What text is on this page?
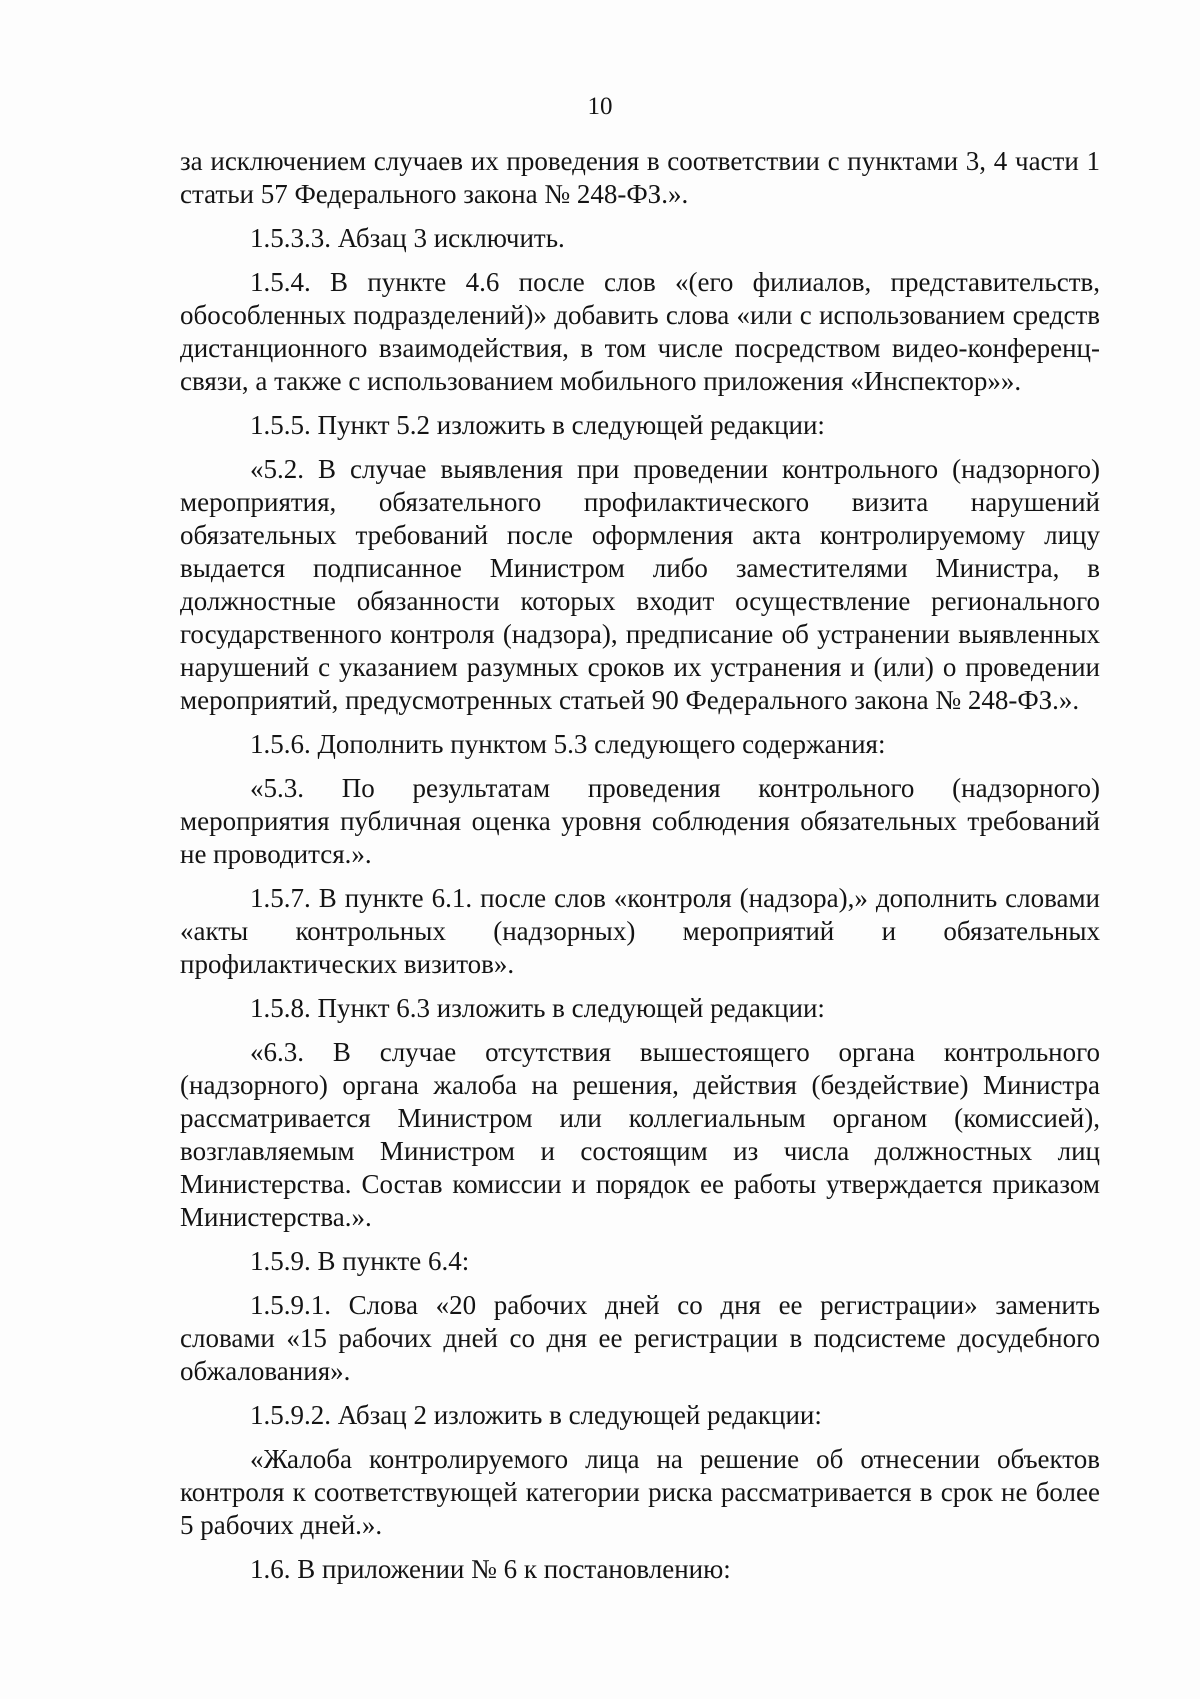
10

за исключением случаев их проведения в соответствии с пунктами 3, 4 части 1 статьи 57 Федерального закона № 248-ФЗ.».

1.5.3.3. Абзац 3 исключить.

1.5.4. В пункте 4.6 после слов «(его филиалов, представительств, обособленных подразделений)» добавить слова «или с использованием средств дистанционного взаимодействия, в том числе посредством видео-конференц-связи, а также с использованием мобильного приложения «Инспектор»».

1.5.5. Пункт 5.2 изложить в следующей редакции:

«5.2. В случае выявления при проведении контрольного (надзорного) мероприятия, обязательного профилактического визита нарушений обязательных требований после оформления акта контролируемому лицу выдается подписанное Министром либо заместителями Министра, в должностные обязанности которых входит осуществление регионального государственного контроля (надзора), предписание об устранении выявленных нарушений с указанием разумных сроков их устранения и (или) о проведении мероприятий, предусмотренных статьей 90 Федерального закона № 248-ФЗ.».

1.5.6. Дополнить пунктом 5.3 следующего содержания:

«5.3. По результатам проведения контрольного (надзорного) мероприятия публичная оценка уровня соблюдения обязательных требований не проводится.».

1.5.7. В пункте 6.1. после слов «контроля (надзора),» дополнить словами «акты контрольных (надзорных) мероприятий и обязательных профилактических визитов».

1.5.8. Пункт 6.3 изложить в следующей редакции:

«6.3. В случае отсутствия вышестоящего органа контрольного (надзорного) органа жалоба на решения, действия (бездействие) Министра рассматривается Министром или коллегиальным органом (комиссией), возглавляемым Министром и состоящим из числа должностных лиц Министерства. Состав комиссии и порядок ее работы утверждается приказом Министерства.».

1.5.9. В пункте 6.4:

1.5.9.1. Слова «20 рабочих дней со дня ее регистрации» заменить словами «15 рабочих дней со дня ее регистрации в подсистеме досудебного обжалования».

1.5.9.2. Абзац 2 изложить в следующей редакции:

«Жалоба контролируемого лица на решение об отнесении объектов контроля к соответствующей категории риска рассматривается в срок не более 5 рабочих дней.».

1.6. В приложении № 6 к постановлению:
